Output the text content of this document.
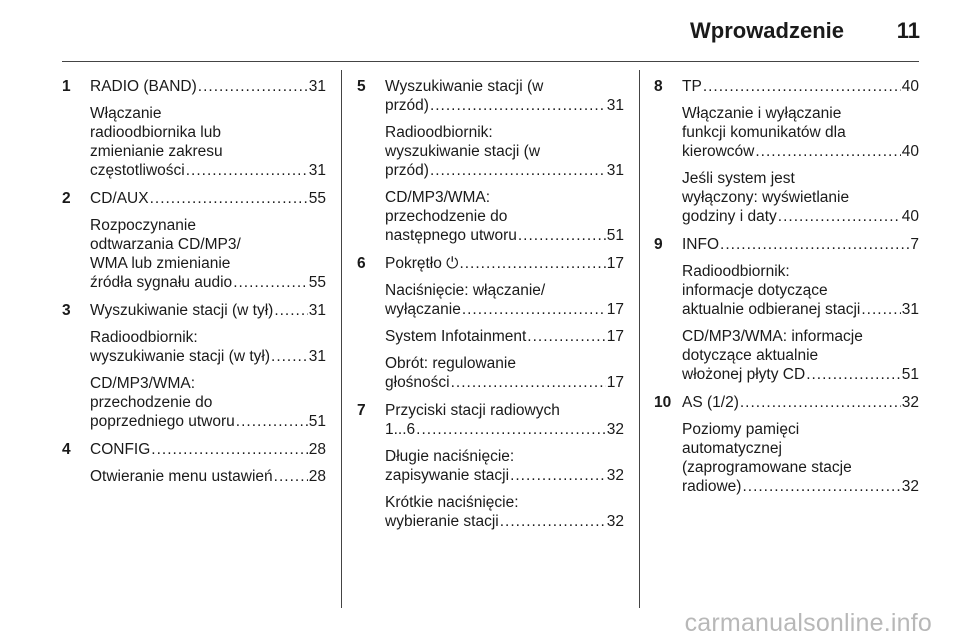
Wprowadzenie 11
1 RADIO (BAND) .....	31
Włączanie
radioodbiornika lub
zmienianie zakresu
częstotliwości .....	31
2 CD/AUX .....	55
Rozpoczynanie
odtwarzania CD/MP3/
WMA lub zmienianie
źródła sygnału audio .....	55
3 Wyszukiwanie stacji (w tył) ..... 31
Radioodbiornik:
wyszukiwanie stacji (w tył) ..... 31
CD/MP3/WMA:
przechodzenie do
poprzedniego utworu .....	51
4 CONFIG .....	28
Otwieranie menu ustawień ..... 28
5 Wyszukiwanie stacji (w
przód) .....	31
Radioodbiornik:
wyszukiwanie stacji (w
przód) .....	31
CD/MP3/WMA:
przechodzenie do
następnego utworu .....	51
6 Pokrętło ⏻ .....	17
Naciśnięcie: włączanie/
wyłączanie .....	17
System Infotainment .....	17
Obrót: regulowanie
głośności .....	17
7 Przyciski stacji radiowych
1...6 .....	32
Długie naciśnięcie:
zapisywanie stacji .....	32
Krótkie naciśnięcie:
wybieranie stacji .....	32
8 TP .....	40
Włączanie i wyłączanie
funkcji komunikatów dla
kierowców .....	40
Jeśli system jest
wyłączony: wyświetlanie
godziny i daty .....	40
9 INFO .....	7
Radioodbiornik:
informacje dotyczące
aktualnie odbieranej stacji .....	31
CD/MP3/WMA: informacje
dotyczące aktualnie
włożonej płyty CD .....	51
10 AS (1/2) .....	32
Poziomy pamięci
automatycznej
(zaprogramowane stacje
radiowe) .....	32
carmanualsonline.info
